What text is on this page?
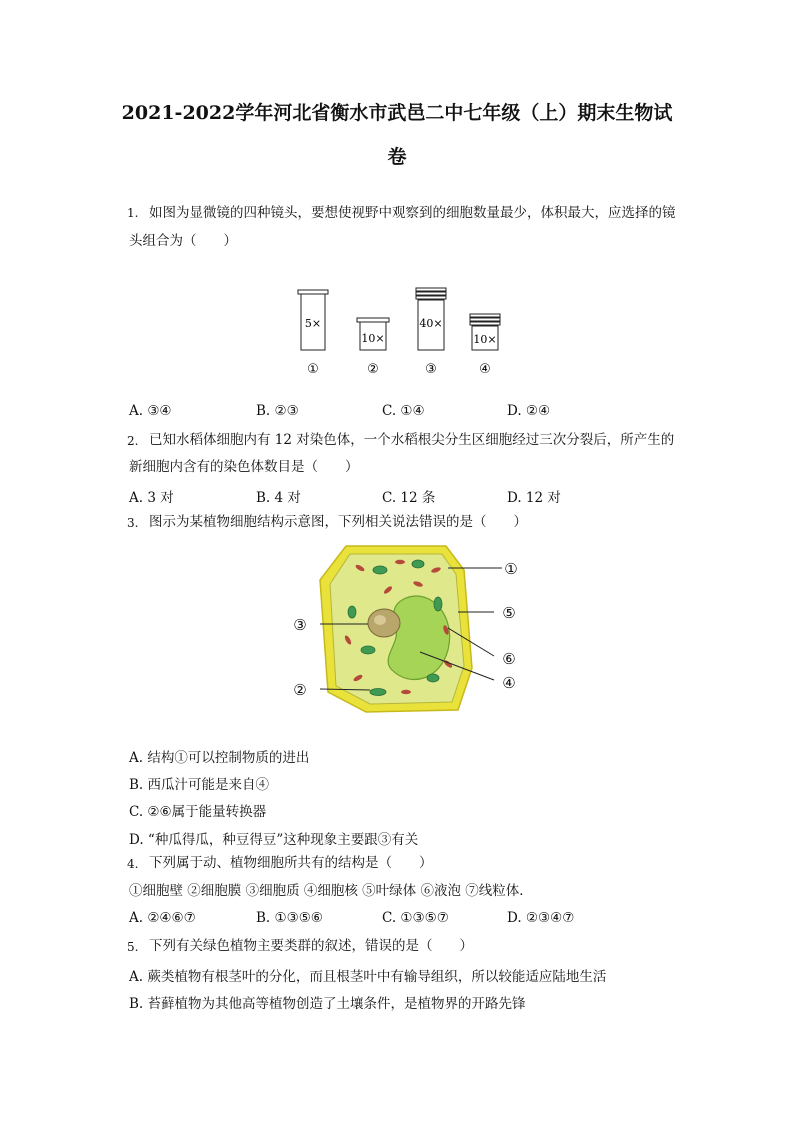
2021-2022学年河北省衡水市武邑二中七年级（上）期末生物试
卷
1. 如图为显微镜的四种镜头，要想使视野中观察到的细胞数量最少，体积最大，应选择的镜
头组合为（　　）
5×
①
10×
②
40×
③
10×
④
A. ③④	B. ②③	C. ①④	D. ②④
2. 已知水稻体细胞内有 12 对染色体，一个水稻根尖分生区细胞经过三次分裂后，所产生的
新细胞内含有的染色体数目是（　　）
A. 3 对	B. 4 对	C. 12 条	D. 12 对
3. 图示为某植物细胞结构示意图，下列相关说法错误的是（　　）
①
⑤
⑥
④
③
②
A. 结构①可以控制物质的进出
B. 西瓜汁可能是来自④
C. ②⑥属于能量转换器
D. “种瓜得瓜，种豆得豆”这种现象主要跟③有关
4. 下列属于动、植物细胞所共有的结构是（　　）
①细胞壁 ②细胞膜 ③细胞质 ④细胞核 ⑤叶绿体 ⑥液泡 ⑦线粒体．
A. ②④⑥⑦	B. ①③⑤⑥	C. ①③⑤⑦	D. ②③④⑦
5. 下列有关绿色植物主要类群的叙述，错误的是（　　）
A. 蕨类植物有根茎叶的分化，而且根茎叶中有输导组织，所以较能适应陆地生活
B. 苔藓植物为其他高等植物创造了土壤条件，是植物界的开路先锋
